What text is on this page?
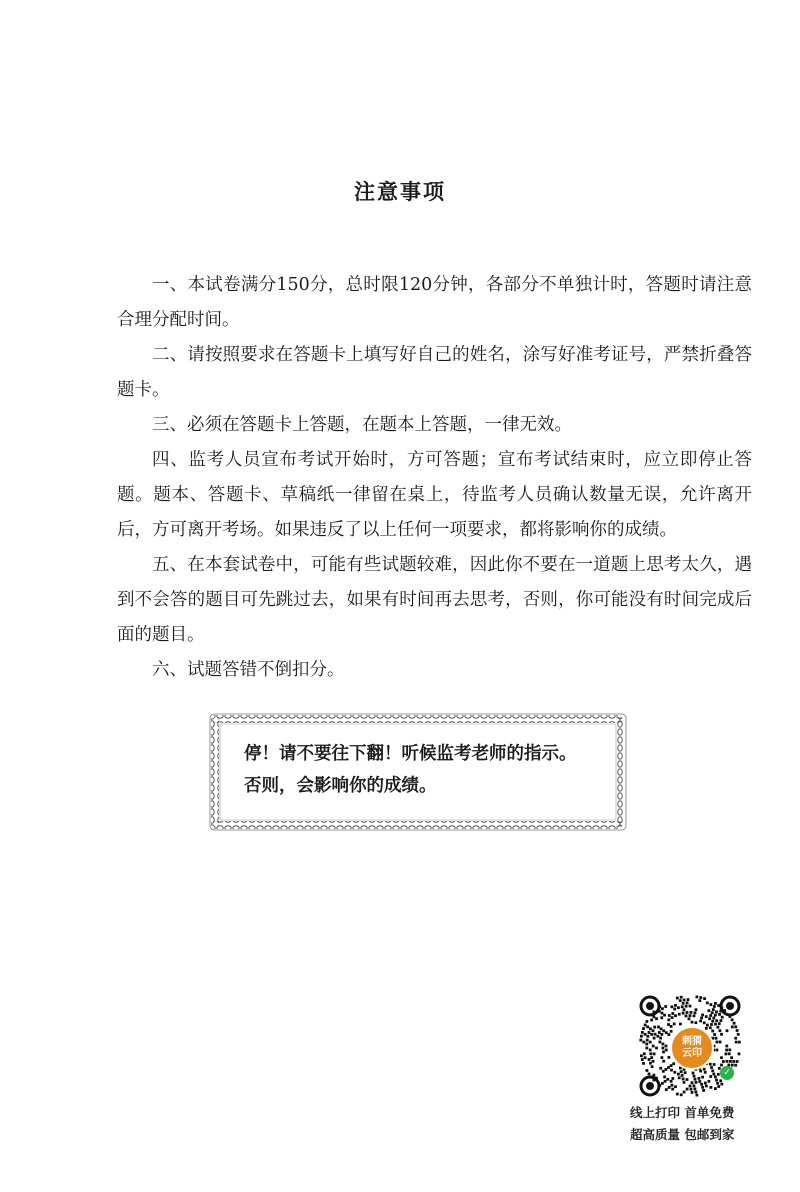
注意事项

一、本试卷满分150分，总时限120分钟，各部分不单独计时，答题时请注意合理分配时间。

二、请按照要求在答题卡上填写好自己的姓名，涂写好准考证号，严禁折叠答题卡。

三、必须在答题卡上答题，在题本上答题，一律无效。

四、监考人员宣布考试开始时，方可答题；宣布考试结束时，应立即停止答题。题本、答题卡、草稿纸一律留在桌上，待监考人员确认数量无误，允许离开后，方可离开考场。如果违反了以上任何一项要求，都将影响你的成绩。

五、在本套试卷中，可能有些试题较难，因此你不要在一道题上思考太久，遇到不会答的题目可先跳过去，如果有时间再去思考，否则，你可能没有时间完成后面的题目。

六、试题答错不倒扣分。

停！请不要往下翻！听候监考老师的指示。
否则，会影响你的成绩。
刺猬
云印
✓
线上打印 首单免费
超高质量 包邮到家
